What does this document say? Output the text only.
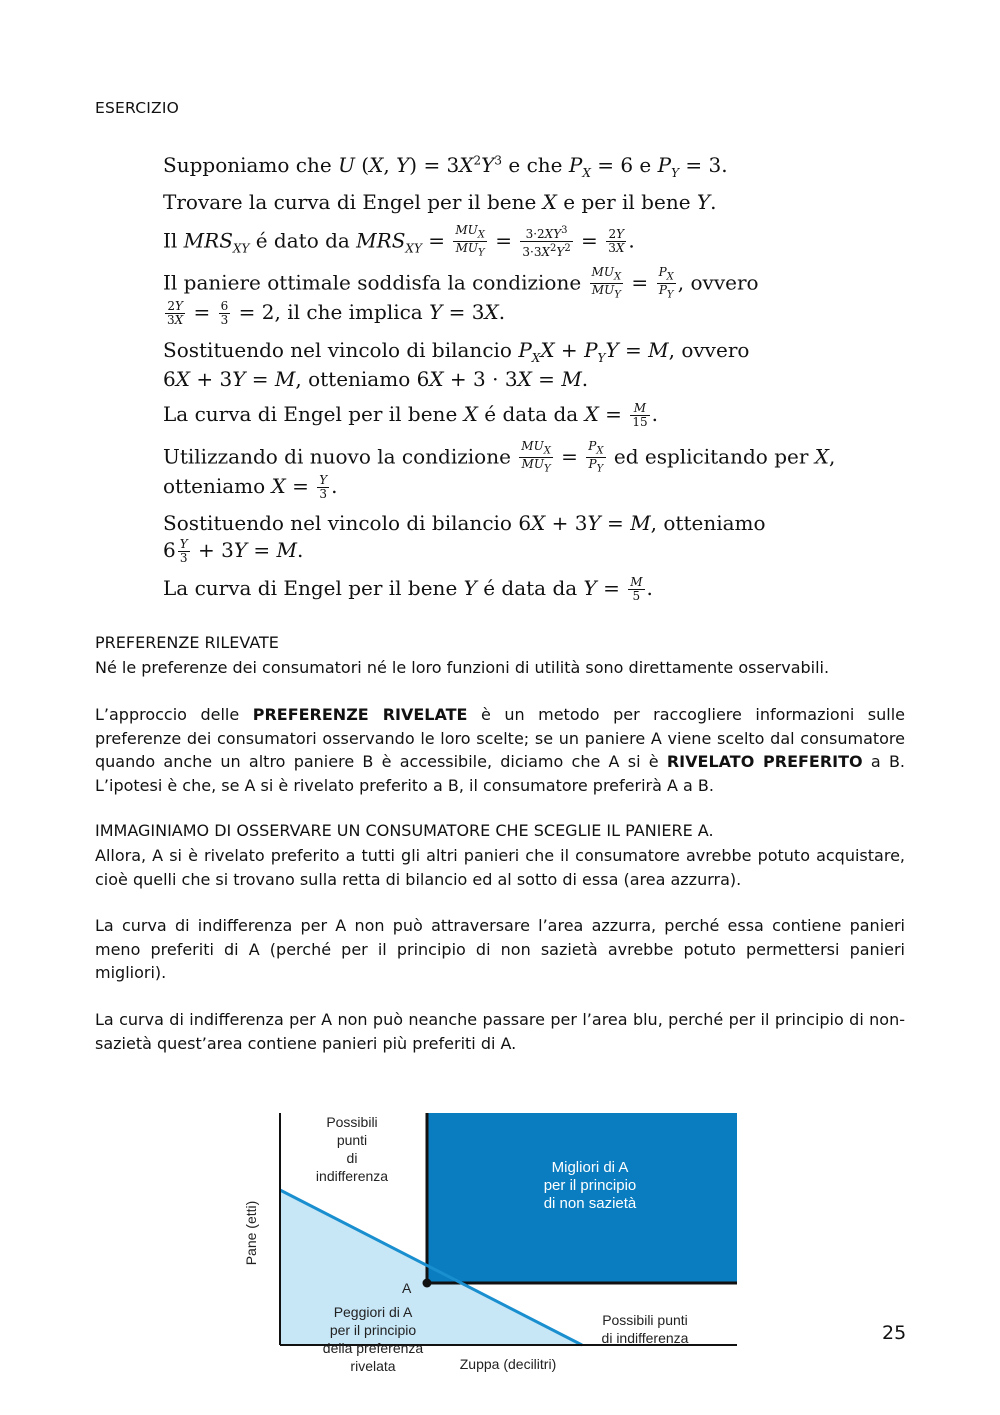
ESERCIZIO
Supponiamo che U (X, $Y) = 3X^2Y^3$ e che $P_X = 6$ e $P_Y = 3$.
Trovare la curva di Engel per il bene X e per il bene Y.
Il $MRS_{XY}$ é dato da $MRS_{XY} = \frac{MU_X}{MU_Y} = \frac{3\cdot 2XY^3}{3\cdot 3X^2Y^2} = \frac{2Y}{3X}$ .
Il paniere ottimale soddisfa la condizione $\frac{MU_X}{MU_Y} = \frac{P_X}{P_Y}$ , ovvero
$\frac{2Y}{3X} = \frac{6}{3} = 2$, il che implica Y = 3X.
Sostituendo nel vincolo di bilancio $P_XX + P_YY = M$, ovvero
6X + 3Y = M, otteniamo 6X + 3 · 3X = M.
La curva di Engel per il bene X é data da $X = \frac{M}{15}$ .
Utilizzando di nuovo la condizione $\frac{MU_X}{MU_Y} = \frac{P_X}{P_Y}$ ed esplicitando per X,
otteniamo $X = \frac{Y}{3}$ .
Sostituendo nel vincolo di bilancio 6X + 3Y = M, otteniamo
$6 \frac{Y}{3} + 3Y = M$.
La curva di Engel per il bene Y é data da $Y = \frac{M}{5}$ .
PREFERENZE RILEVATE
Né le preferenze dei consumatori né le loro funzioni di utilità sono direttamente osservabili.
L’approccio delle PREFERENZE RIVELATE è un metodo per raccogliere informazioni sulle preferenze dei consumatori osservando le loro scelte; se un paniere A viene scelto dal consumatore quando anche un altro paniere B è accessibile, diciamo che A si è RIVELATO PREFERITO a B. L’ipotesi è che, se A si è rivelato preferito a B, il consumatore preferirà A a B.
IMMAGINIAMO DI OSSERVARE UN CONSUMATORE CHE SCEGLIE IL PANIERE A.
Allora, A si è rivelato preferito a tutti gli altri panieri che il consumatore avrebbe potuto acquistare, cioè quelli che si trovano sulla retta di bilancio ed al sotto di essa (area azzurra).
La curva di indifferenza per A non può attraversare l’area azzurra, perché essa contiene panieri meno preferiti di A (perché per il principio di non sazietà avrebbe potuto permettersi panieri migliori).
La curva di indifferenza per A non può neanche passare per l’area blu, perché per il principio di non-sazietà quest’area contiene panieri più preferiti di A.
A
Pane (etti)
Zuppa (decilitri)
Possibili
punti
di
indifferenza	Migliori di A
per il principio
di non sazietà
Peggiori di A
per il principio
della preferenza
rivelata
Possibili punti
di indifferenza	25
